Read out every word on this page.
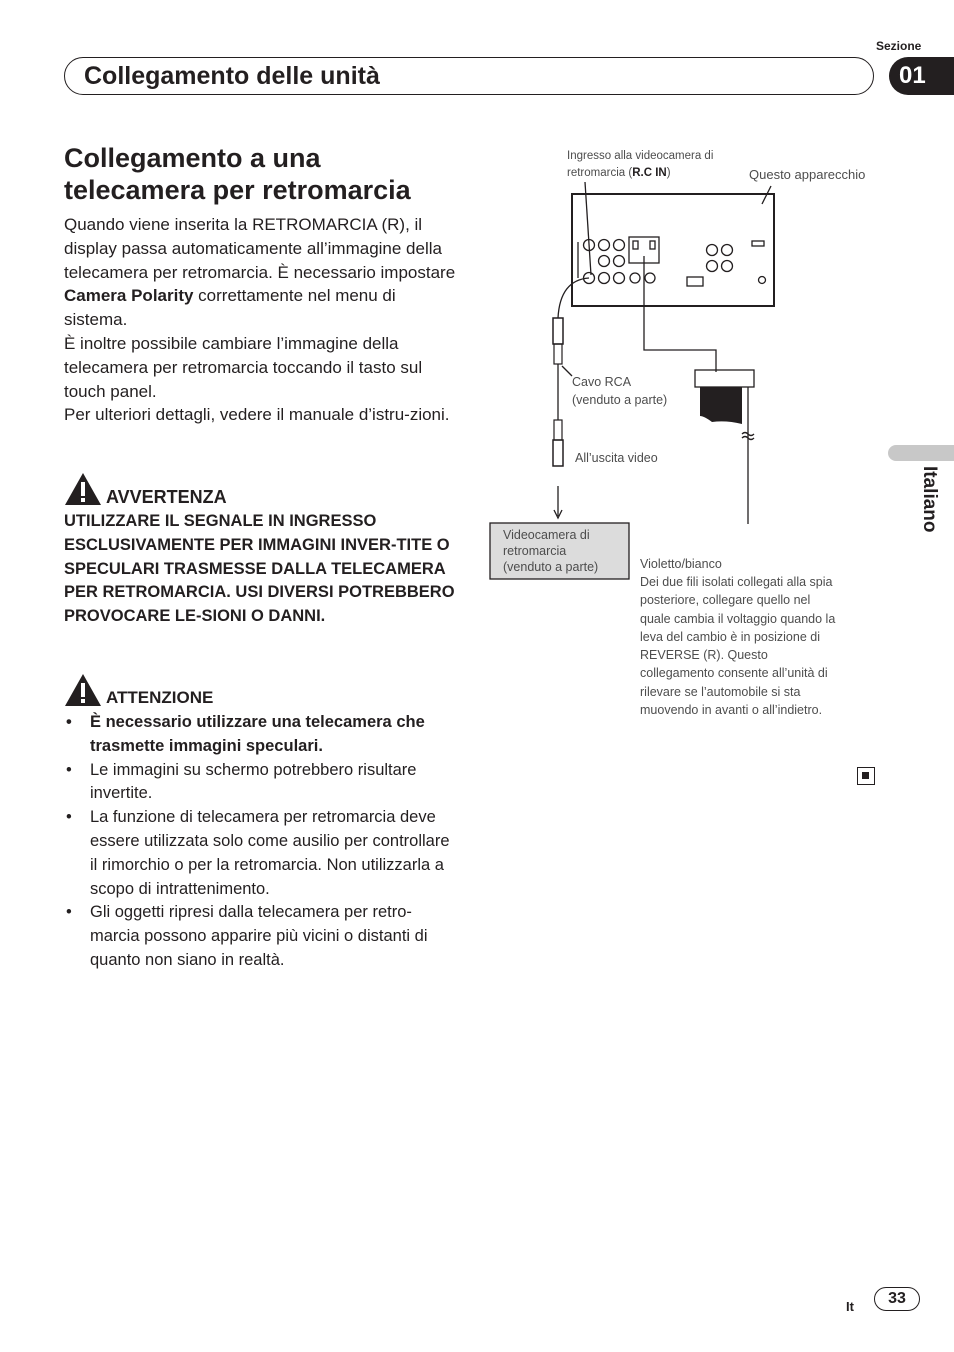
Sezione
Collegamento delle unità	01
Collegamento a una telecamera per retromarcia

Quando viene inserita la RETROMARCIA (R), il display passa automaticamente all’immagine della telecamera per retromarcia. È necessario impostare Camera Polarity correttamente nel menu di sistema.

È inoltre possibile cambiare l’immagine della telecamera per retromarcia toccando il tasto sul touch panel.

Per ulteriori dettagli, vedere il manuale d’istru-zioni.

AVVERTENZA
UTILIZZARE IL SEGNALE IN INGRESSO ESCLUSIVAMENTE PER IMMAGINI INVER-TITE O SPECULARI TRASMESSE DALLA TELECAMERA PER RETROMARCIA. USI DIVERSI POTREBBERO PROVOCARE LE-SIONI O DANNI.
ATTENZIONE
• È necessario utilizzare una telecamera che trasmette immagini speculari.
• Le immagini su schermo potrebbero risultare invertite.
• La funzione di telecamera per retromarcia deve essere utilizzata solo come ausilio per controllare il rimorchio o per la retromarcia. Non utilizzarla a scopo di intrattenimento.
• Gli oggetti ripresi dalla telecamera per retro-marcia possono apparire più vicini o distanti di quanto non siano in realtà.
Ingresso alla videocamera di
retromarcia (R.C IN)	Questo apparecchio
Cavo RCA
(venduto a parte)
All’uscita video
Videocamera di
retromarcia
(venduto a parte)	Violetto/bianco
Dei due fili isolati collegati alla spia posteriore, collegare quello nel quale cambia il voltaggio quando la leva del cambio è in posizione di REVERSE (R). Questo collegamento consente all’unità di rilevare se l’automobile si sta muovendo in avanti o all’indietro.
Italiano
It	33
